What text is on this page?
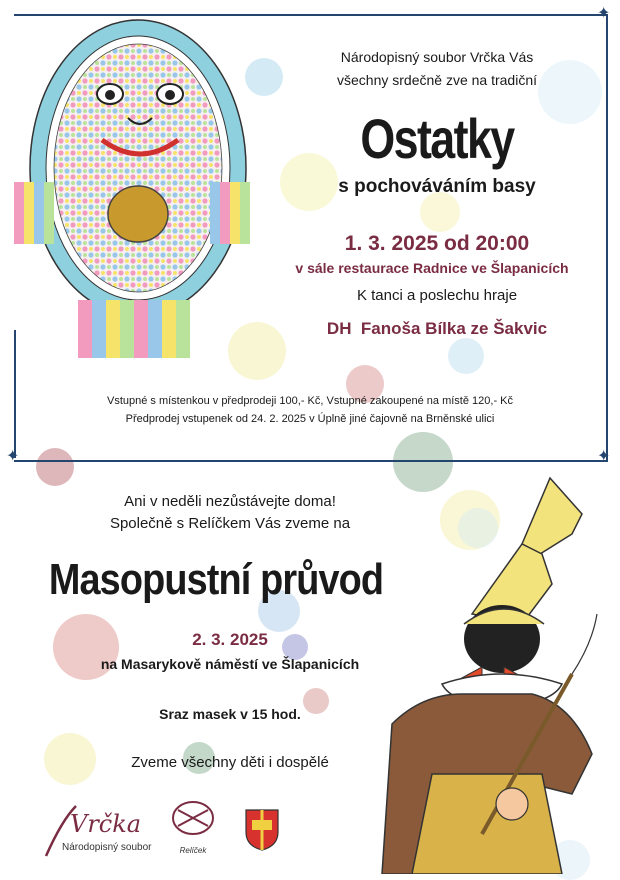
✦
✦	✦
Národopisný soubor Vrčka Vás
všechny srdečně zve na tradiční
Ostatky
s pochováváním basy
1. 3. 2025 od 20:00
v sále restaurace Radnice ve Šlapanicích
K tanci a poslechu hraje
DH  Fanoša Bílka ze Šakvic
Vstupné s místenkou v předprodeji 100,- Kč, Vstupné zakoupené na místě 120,- Kč
Předprodej vstupenek od 24. 2. 2025 v Úplně jiné čajovně na Brněnské ulici
Ani v neděli nezůstávejte doma!
Společně s Relíčkem Vás zveme na
Masopustní průvod
2. 3. 2025
na Masarykově náměstí ve Šlapanicích
Sraz masek v 15 hod.
Zveme všechny děti i dospělé
Vrčka
Národopisný soubor	Relíček
